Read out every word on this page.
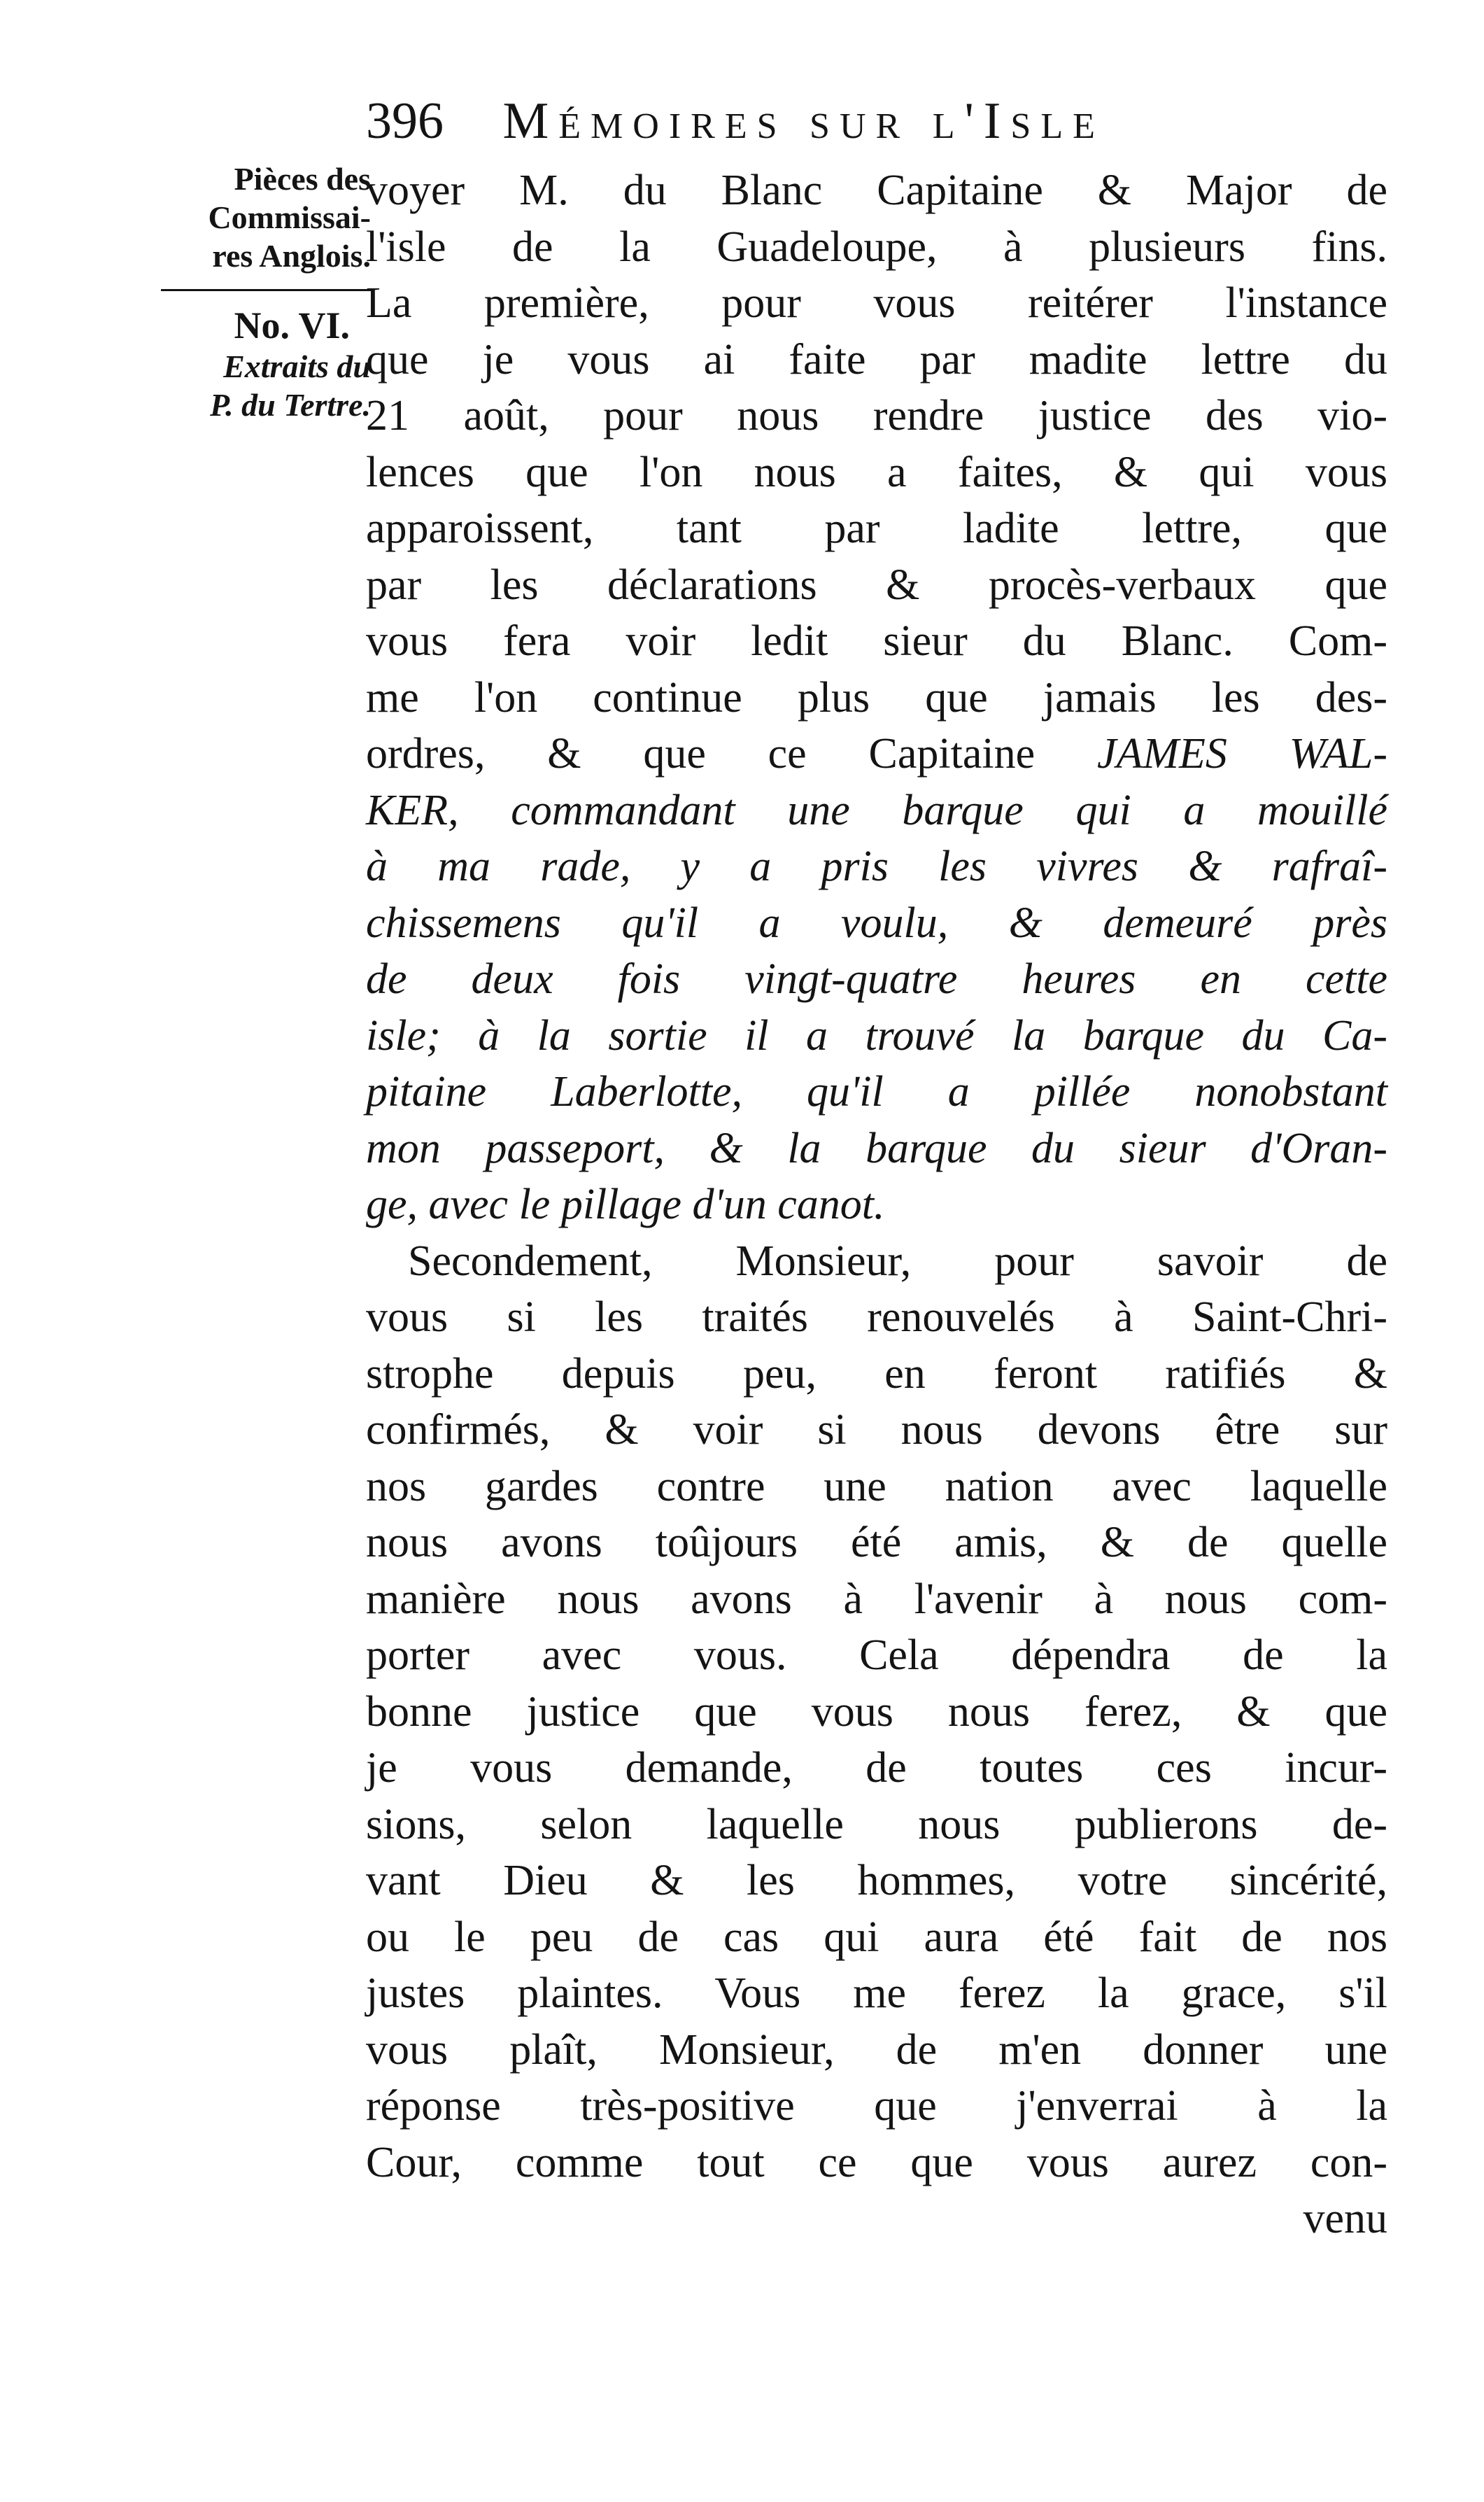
396 Mémoires sur l'Isle
Pièces des
Commissai-
res Anglois.
No. VI.
Extraits du
P. du Tertre.
voyer M. du Blanc Capitaine & Major de
l'isle de la Guadeloupe, à plusieurs fins.
La première, pour vous reitérer l'instance
que je vous ai faite par madite lettre du
21 août, pour nous rendre justice des vio-
lences que l'on nous a faites, & qui vous
apparoissent, tant par ladite lettre, que
par les déclarations & procès-verbaux que
vous fera voir ledit sieur du Blanc. Com-
me l'on continue plus que jamais les des-
ordres, & que ce Capitaine JAMES WAL-
KER, commandant une barque qui a mouillé
à ma rade, y a pris les vivres & rafraî-
chissemens qu'il a voulu, & demeuré près
de deux fois vingt-quatre heures en cette
isle; à la sortie il a trouvé la barque du Ca-
pitaine Laberlotte, qu'il a pillée nonobstant
mon passeport, & la barque du sieur d'Oran-
ge, avec le pillage d'un canot.
Secondement, Monsieur, pour savoir de
vous si les traités renouvelés à Saint-Chri-
strophe depuis peu, en feront ratifiés &
confirmés, & voir si nous devons être sur
nos gardes contre une nation avec laquelle
nous avons toûjours été amis, & de quelle
manière nous avons à l'avenir à nous com-
porter avec vous. Cela dépendra de la
bonne justice que vous nous ferez, & que
je vous demande, de toutes ces incur-
sions, selon laquelle nous publierons de-
vant Dieu & les hommes, votre sincérité,
ou le peu de cas qui aura été fait de nos
justes plaintes. Vous me ferez la grace, s'il
vous plaît, Monsieur, de m'en donner une
réponse très-positive que j'enverrai à la
Cour, comme tout ce que vous aurez con-
venu
